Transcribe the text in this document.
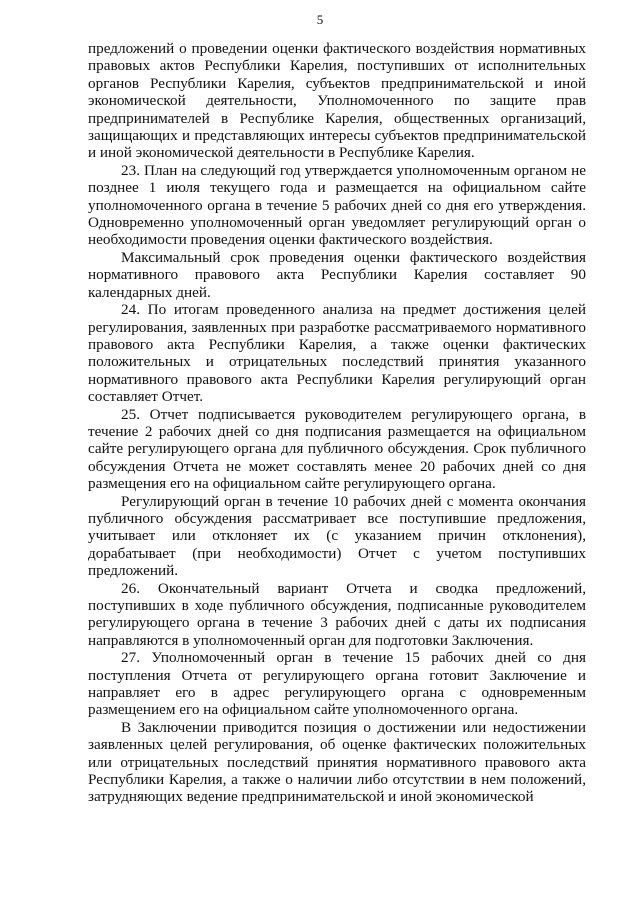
5

предложений о проведении оценки фактического воздействия нормативных правовых актов Республики Карелия, поступивших от исполнительных органов Республики Карелия, субъектов предпринимательской и иной экономической деятельности, Уполномоченного по защите прав предпринимателей в Республике Карелия, общественных организаций, защищающих и представляющих интересы субъектов предпринимательской и иной экономической деятельности в Республике Карелия.

23. План на следующий год утверждается уполномоченным органом не позднее 1 июля текущего года и размещается на официальном сайте уполномоченного органа в течение 5 рабочих дней со дня его утверждения. Одновременно уполномоченный орган уведомляет регулирующий орган о необходимости проведения оценки фактического воздействия.

Максимальный срок проведения оценки фактического воздействия нормативного правового акта Республики Карелия составляет 90 календарных дней.

24. По итогам проведенного анализа на предмет достижения целей регулирования, заявленных при разработке рассматриваемого нормативного правового акта Республики Карелия, а также оценки фактических положительных и отрицательных последствий принятия указанного нормативного правового акта Республики Карелия регулирующий орган составляет Отчет.

25. Отчет подписывается руководителем регулирующего органа, в течение 2 рабочих дней со дня подписания размещается на официальном сайте регулирующего органа для публичного обсуждения. Срок публичного обсуждения Отчета не может составлять менее 20 рабочих дней со дня размещения его на официальном сайте регулирующего органа.

Регулирующий орган в течение 10 рабочих дней с момента окончания публичного обсуждения рассматривает все поступившие предложения, учитывает или отклоняет их (с указанием причин отклонения), дорабатывает (при необходимости) Отчет с учетом поступивших предложений.

26. Окончательный вариант Отчета и сводка предложений, поступивших в ходе публичного обсуждения, подписанные руководителем регулирующего органа в течение 3 рабочих дней с даты их подписания направляются в уполномоченный орган для подготовки Заключения.

27. Уполномоченный орган в течение 15 рабочих дней со дня поступления Отчета от регулирующего органа готовит Заключение и направляет его в адрес регулирующего органа с одновременным размещением его на официальном сайте уполномоченного органа.

В Заключении приводится позиция о достижении или недостижении заявленных целей регулирования, об оценке фактических положительных или отрицательных последствий принятия нормативного правового акта Республики Карелия, а также о наличии либо отсутствии в нем положений, затрудняющих ведение предпринимательской и иной экономической
